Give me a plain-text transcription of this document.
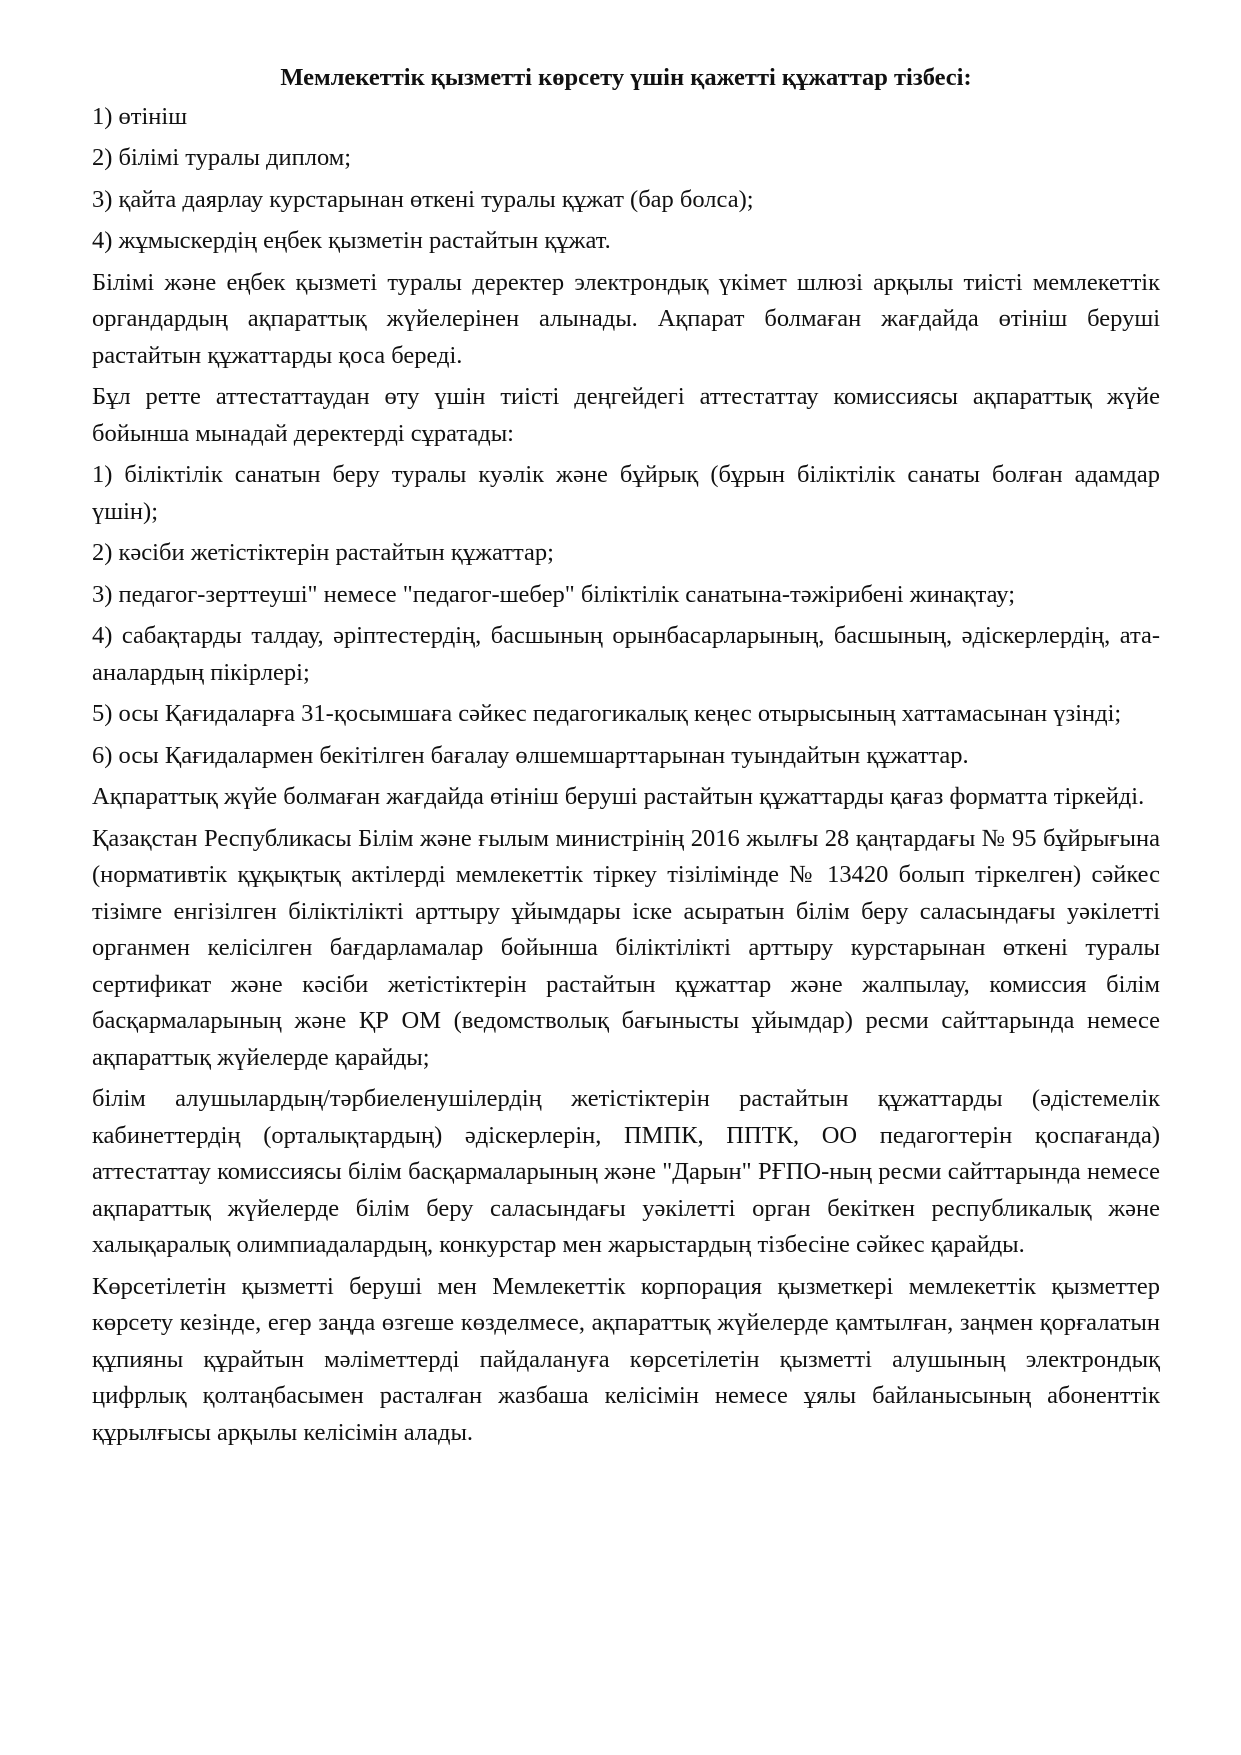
Мемлекеттік қызметті көрсету үшін қажетті құжаттар тізбесі:
1) өтініш
2) білімі туралы диплом;
3) қайта даярлау курстарынан өткені туралы құжат (бар болса);
4) жұмыскердің еңбек қызметін растайтын құжат.
Білімі және еңбек қызметі туралы деректер электрондық үкімет шлюзі арқылы тиісті мемлекеттік органдардың ақпараттық жүйелерінен алынады. Ақпарат болмаған жағдайда өтініш беруші растайтын құжаттарды қоса береді.
Бұл ретте аттестаттаудан өту үшін тиісті деңгейдегі аттестаттау комиссиясы ақпараттық жүйе бойынша мынадай деректерді сұратады:
1) біліктілік санатын беру туралы куәлік және бұйрық (бұрын біліктілік санаты болған адамдар үшін);
2) кәсіби жетістіктерін растайтын құжаттар;
3) педагог-зерттеуші" немесе "педагог-шебер" біліктілік санатына-тәжірибені жинақтау;
4) сабақтарды талдау, әріптестердің, басшының орынбасарларының, басшының, әдіскерлердің, ата-аналардың пікірлері;
5) осы Қағидаларға 31-қосымшаға сәйкес педагогикалық кеңес отырысының хаттамасынан үзінді;
6) осы Қағидалармен бекітілген бағалау өлшемшарттарынан туындайтын құжаттар.
Ақпараттық жүйе болмаған жағдайда өтініш беруші растайтын құжаттарды қағаз форматта тіркейді.
Қазақстан Республикасы Білім және ғылым министрінің 2016 жылғы 28 қаңтардағы № 95 бұйрығына (нормативтік құқықтық актілерді мемлекеттік тіркеу тізілімінде № 13420 болып тіркелген) сәйкес тізімге енгізілген біліктілікті арттыру ұйымдары іске асыратын білім беру саласындағы уәкілетті органмен келісілген бағдарламалар бойынша біліктілікті арттыру курстарынан өткені туралы сертификат және кәсіби жетістіктерін растайтын құжаттар және жалпылау, комиссия білім басқармаларының және ҚР ОМ (ведомстволық бағынысты ұйымдар) ресми сайттарында немесе ақпараттық жүйелерде қарайды;
білім алушылардың/тәрбиеленушілердің жетістіктерін растайтын құжаттарды (әдістемелік кабинеттердің (орталықтардың) әдіскерлерін, ПМПК, ППТК, ОО педагогтерін қоспағанда) аттестаттау комиссиясы білім басқармаларының және "Дарын" РҒПО-ның ресми сайттарында немесе ақпараттық жүйелерде білім беру саласындағы уәкілетті орган бекіткен республикалық және халықаралық олимпиадалардың, конкурстар мен жарыстардың тізбесіне сәйкес қарайды.
Көрсетілетін қызметті беруші мен Мемлекеттік корпорация қызметкері мемлекеттік қызметтер көрсету кезінде, егер заңда өзгеше көзделмесе, ақпараттық жүйелерде қамтылған, заңмен қорғалатын құпияны құрайтын мәліметтерді пайдалануға көрсетілетін қызметті алушының электрондық цифрлық қолтаңбасымен расталған жазбаша келісімін немесе ұялы байланысының абоненттік құрылғысы арқылы келісімін алады.
